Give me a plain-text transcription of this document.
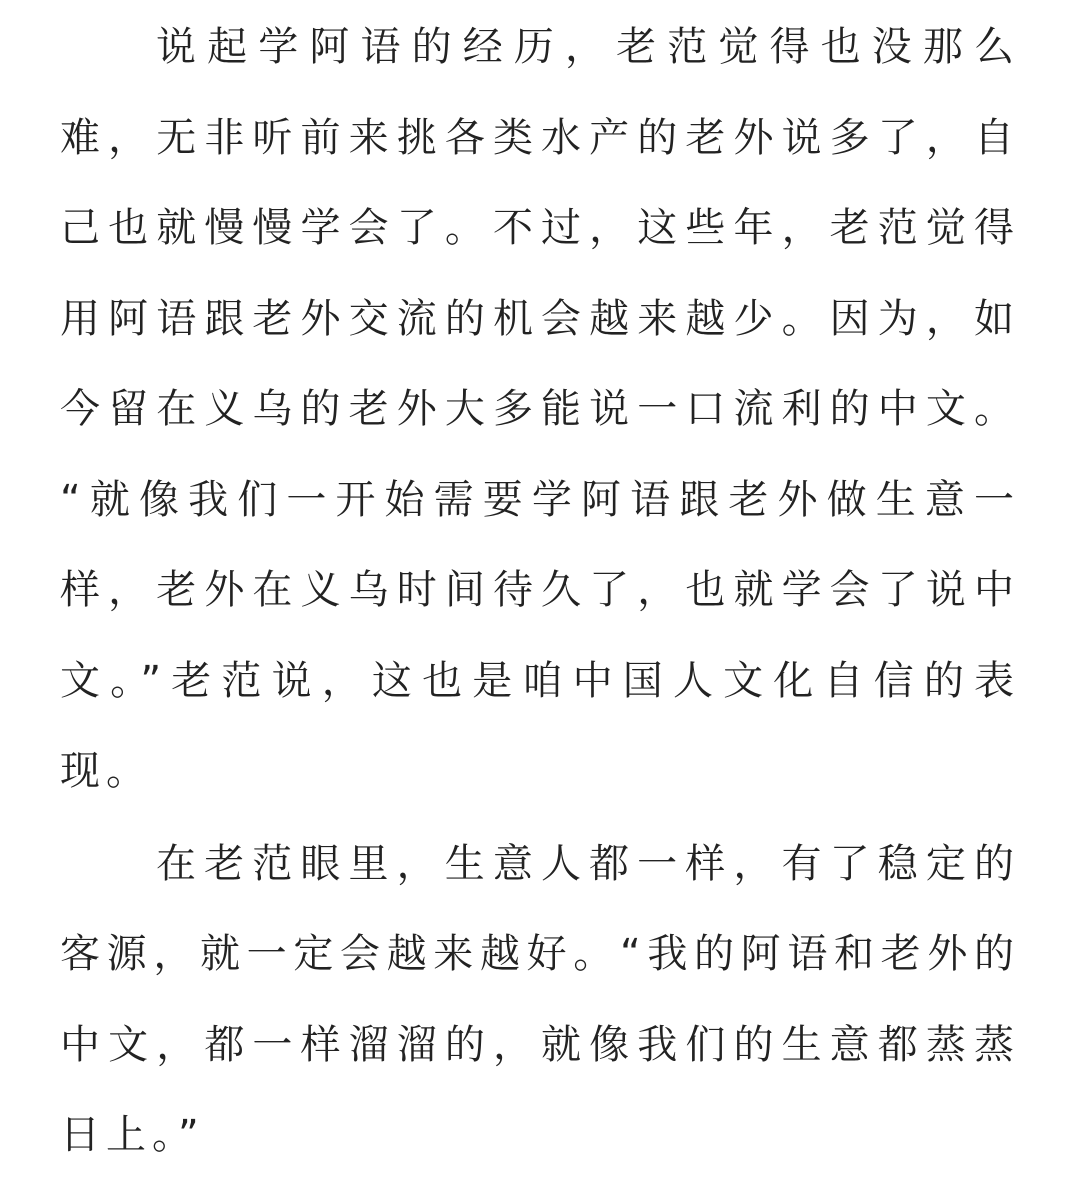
说起学阿语的经历，老范觉得也没那么
难，无非听前来挑各类水产的老外说多了，自
己也就慢慢学会了。不过，这些年，老范觉得
用阿语跟老外交流的机会越来越少。因为，如
今留在义乌的老外大多能说一口流利的中文。
“就像我们一开始需要学阿语跟老外做生意一
样，老外在义乌时间待久了，也就学会了说中
文。”老范说，这也是咱中国人文化自信的表
现。
在老范眼里，生意人都一样，有了稳定的
客源，就一定会越来越好。“我的阿语和老外的
中文，都一样溜溜的，就像我们的生意都蒸蒸
日上。”
